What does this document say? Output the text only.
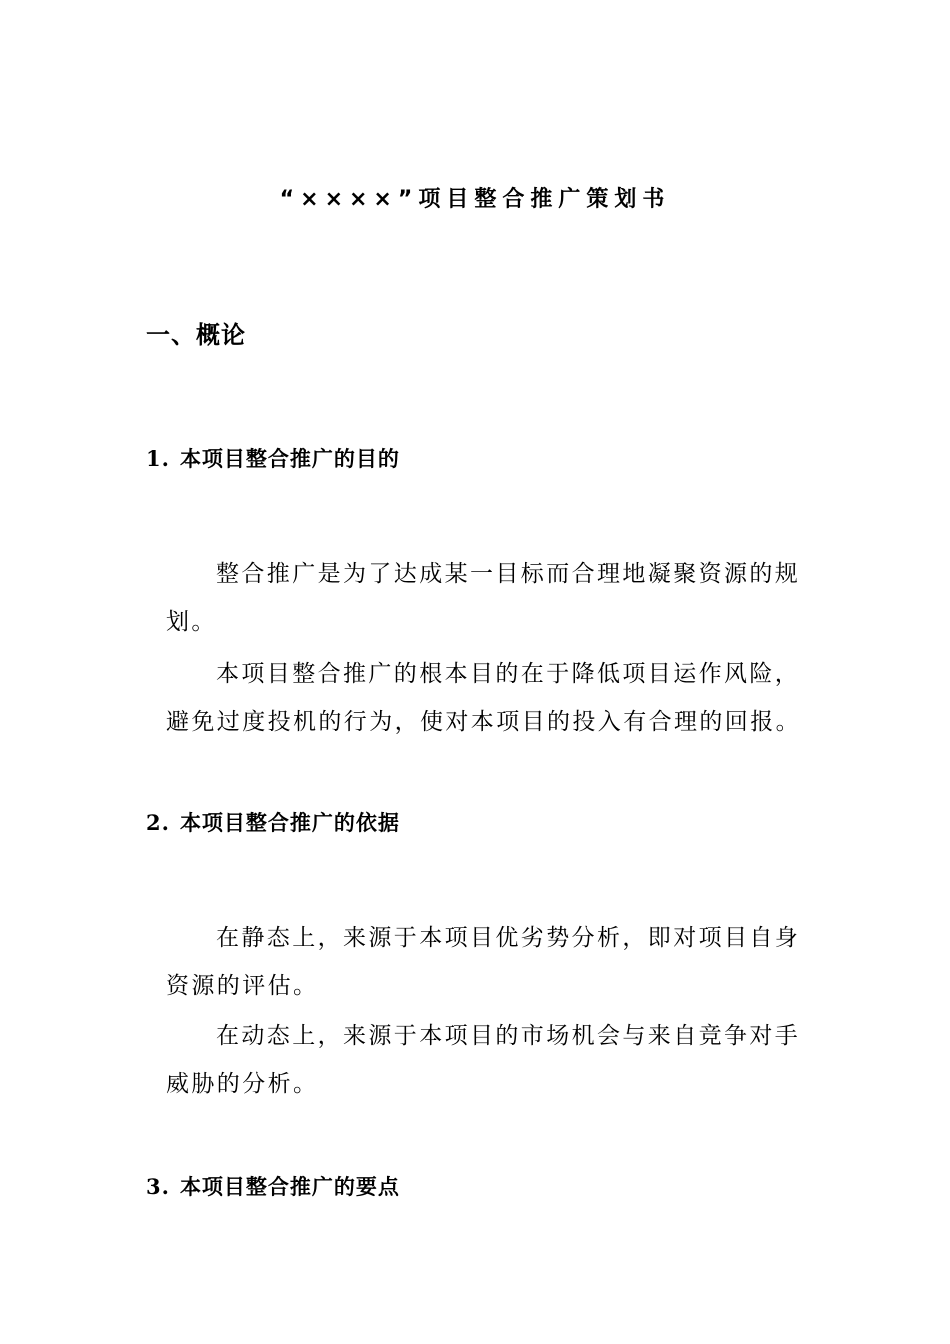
“××××”项目整合推广策划书
一、概论
1. 本项目整合推广的目的

整合推广是为了达成某一目标而合理地凝聚资源的规划。

本项目整合推广的根本目的在于降低项目运作风险，避免过度投机的行为，使对本项目的投入有合理的回报。

2. 本项目整合推广的依据

在静态上，来源于本项目优劣势分析，即对项目自身资源的评估。

在动态上，来源于本项目的市场机会与来自竞争对手威胁的分析。

3. 本项目整合推广的要点
